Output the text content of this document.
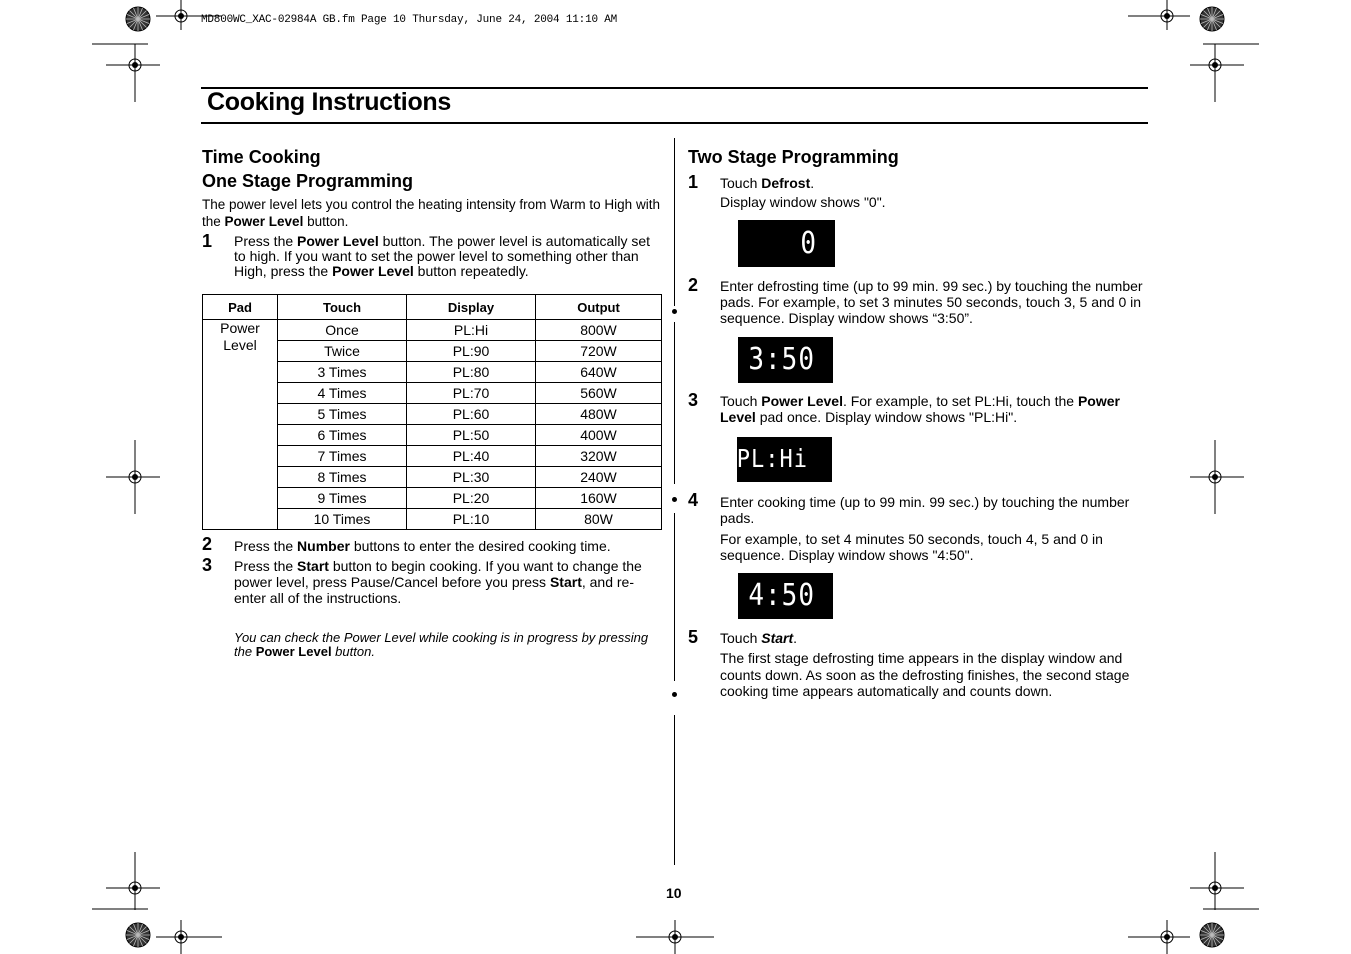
MD800WC_XAC-02984A GB.fm Page 10 Thursday, June 24, 2004 11:10 AM
Cooking Instructions
Time Cooking
One Stage Programming
The power level lets you control the heating intensity from Warm to High with the Power Level button.
1 Press the Power Level button. The power level is automatically set to high. If you want to set the power level to something other than High, press the Power Level button repeatedly.
Pad	Touch	Display	Output
Power
Level	Once	PL:Hi	800W
	Twice	PL:90	720W
	3 Times	PL:80	640W
	4 Times	PL:70	560W
	5 Times	PL:60	480W
	6 Times	PL:50	400W
	7 Times	PL:40	320W
	8 Times	PL:30	240W
	9 Times	PL:20	160W
	10 Times	PL:10	80W
2 Press the Number buttons to enter the desired cooking time.
3 Press the Start button to begin cooking. If you want to change the power level, press Pause/Cancel before you press Start, and re-enter all of the instructions.
You can check the Power Level while cooking is in progress by pressing the Power Level button.
Two Stage Programming
1 Touch Defrost.
Display window shows "0".
0
2 Enter defrosting time (up to 99 min. 99 sec.) by touching the number pads. For example, to set 3 minutes 50 seconds, touch 3, 5 and 0 in sequence. Display window shows “3:50”.
3:50
3 Touch Power Level. For example, to set PL:Hi, touch the Power Level pad once. Display window shows "PL:Hi".
PL:Hi
4 Enter cooking time (up to 99 min. 99 sec.) by touching the number pads.
For example, to set 4 minutes 50 seconds, touch 4, 5 and 0 in sequence. Display window shows "4:50".
4:50
5 Touch Start.
The first stage defrosting time appears in the display window and counts down. As soon as the defrosting finishes, the second stage cooking time appears automatically and counts down.
10
